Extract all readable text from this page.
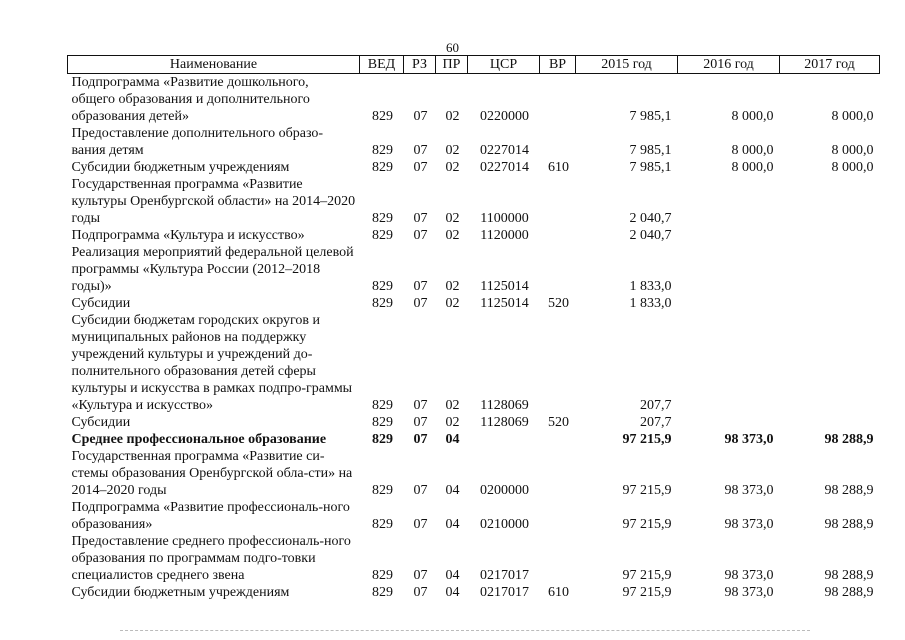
60
Наименование	ВЕД	РЗ	ПР	ЦСР	ВР	2015 год	2016 год	2017 год
Подпрограмма «Развитие дошкольного, общего образования и дополнительного образования детей»	829	07	02	0220000		7 985,1	8 000,0	8 000,0
Предоставление дополнительного образо-вания детям	829	07	02	0227014		7 985,1	8 000,0	8 000,0
Субсидии бюджетным учреждениям	829	07	02	0227014	610	7 985,1	8 000,0	8 000,0
Государственная программа «Развитие культуры Оренбургской области» на 2014–2020 годы	829	07	02	1100000		2 040,7		
Подпрограмма «Культура и искусство»	829	07	02	1120000		2 040,7		
Реализация мероприятий федеральной целевой программы «Культура России (2012–2018 годы)»	829	07	02	1125014		1 833,0		
Субсидии	829	07	02	1125014	520	1 833,0		
Субсидии бюджетам городских округов и муниципальных районов на поддержку учреждений культуры и учреждений до-полнительного образования детей сферы культуры и искусства в рамках подпро-граммы «Культура и искусство»	829	07	02	1128069		207,7		
Субсидии	829	07	02	1128069	520	207,7		
Среднее профессиональное образование	829	07	04			97 215,9	98 373,0	98 288,9
Государственная программа «Развитие си-стемы образования Оренбургской обла-сти» на 2014–2020 годы	829	07	04	0200000		97 215,9	98 373,0	98 288,9
Подпрограмма «Развитие профессиональ-ного образования»	829	07	04	0210000		97 215,9	98 373,0	98 288,9
Предоставление среднего профессиональ-ного образования по программам подго-товки специалистов среднего звена	829	07	04	0217017		97 215,9	98 373,0	98 288,9
Субсидии бюджетным учреждениям	829	07	04	0217017	610	97 215,9	98 373,0	98 288,9
